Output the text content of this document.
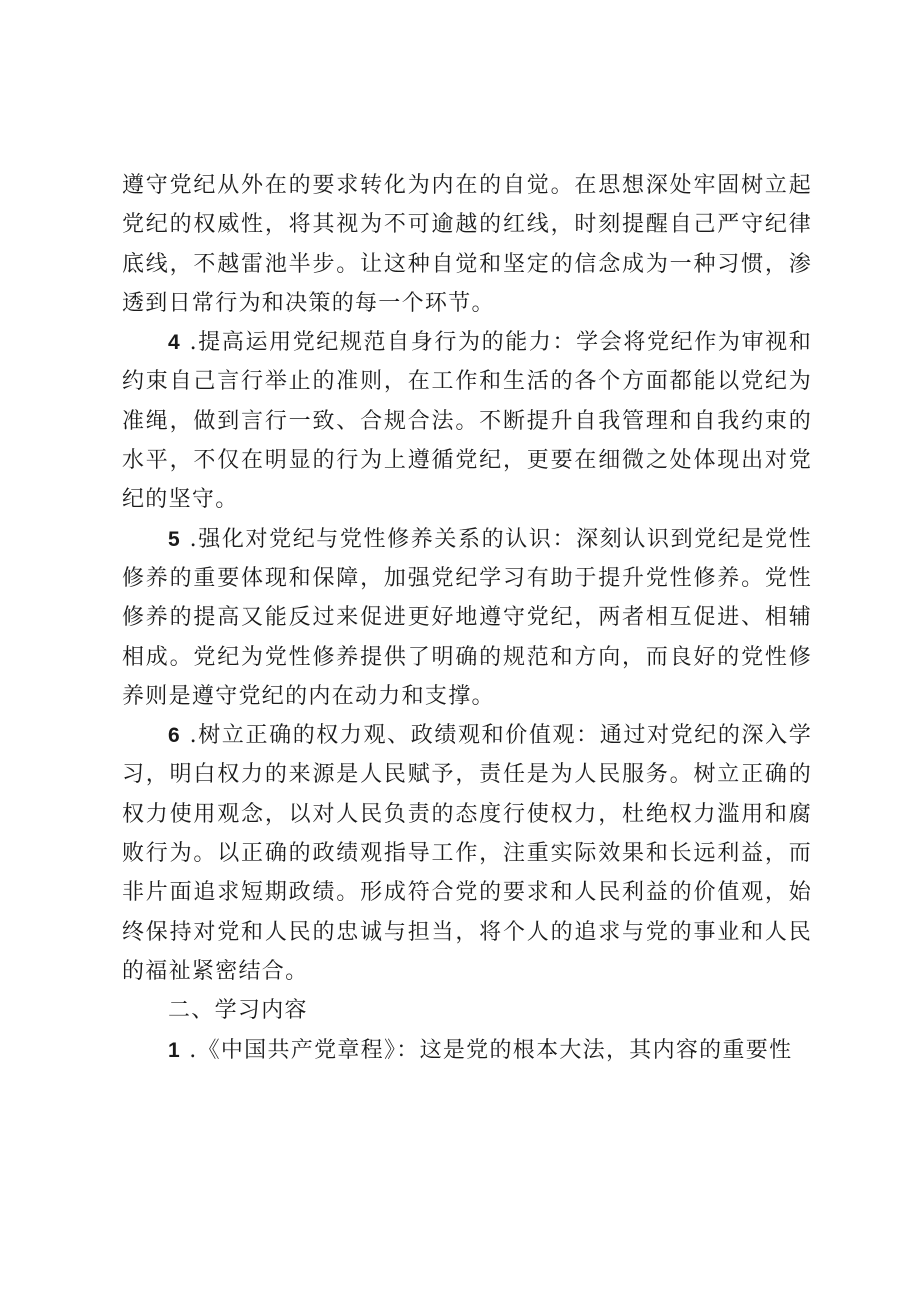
遵守党纪从外在的要求转化为内在的自觉。在思想深处牢固树立起党纪的权威性，将其视为不可逾越的红线，时刻提醒自己严守纪律底线，不越雷池半步。让这种自觉和坚定的信念成为一种习惯，渗透到日常行为和决策的每一个环节。

4 .提高运用党纪规范自身行为的能力：学会将党纪作为审视和约束自己言行举止的准则，在工作和生活的各个方面都能以党纪为准绳，做到言行一致、合规合法。不断提升自我管理和自我约束的水平，不仅在明显的行为上遵循党纪，更要在细微之处体现出对党纪的坚守。

5 .强化对党纪与党性修养关系的认识：深刻认识到党纪是党性修养的重要体现和保障，加强党纪学习有助于提升党性修养。党性修养的提高又能反过来促进更好地遵守党纪，两者相互促进、相辅相成。党纪为党性修养提供了明确的规范和方向，而良好的党性修养则是遵守党纪的内在动力和支撑。

6 .树立正确的权力观、政绩观和价值观：通过对党纪的深入学习，明白权力的来源是人民赋予，责任是为人民服务。树立正确的权力使用观念，以对人民负责的态度行使权力，杜绝权力滥用和腐败行为。以正确的政绩观指导工作，注重实际效果和长远利益，而非片面追求短期政绩。形成符合党的要求和人民利益的价值观，始终保持对党和人民的忠诚与担当，将个人的追求与党的事业和人民的福祉紧密结合。

二、学习内容

1 .《中国共产党章程》：这是党的根本大法，其内容的重要性
